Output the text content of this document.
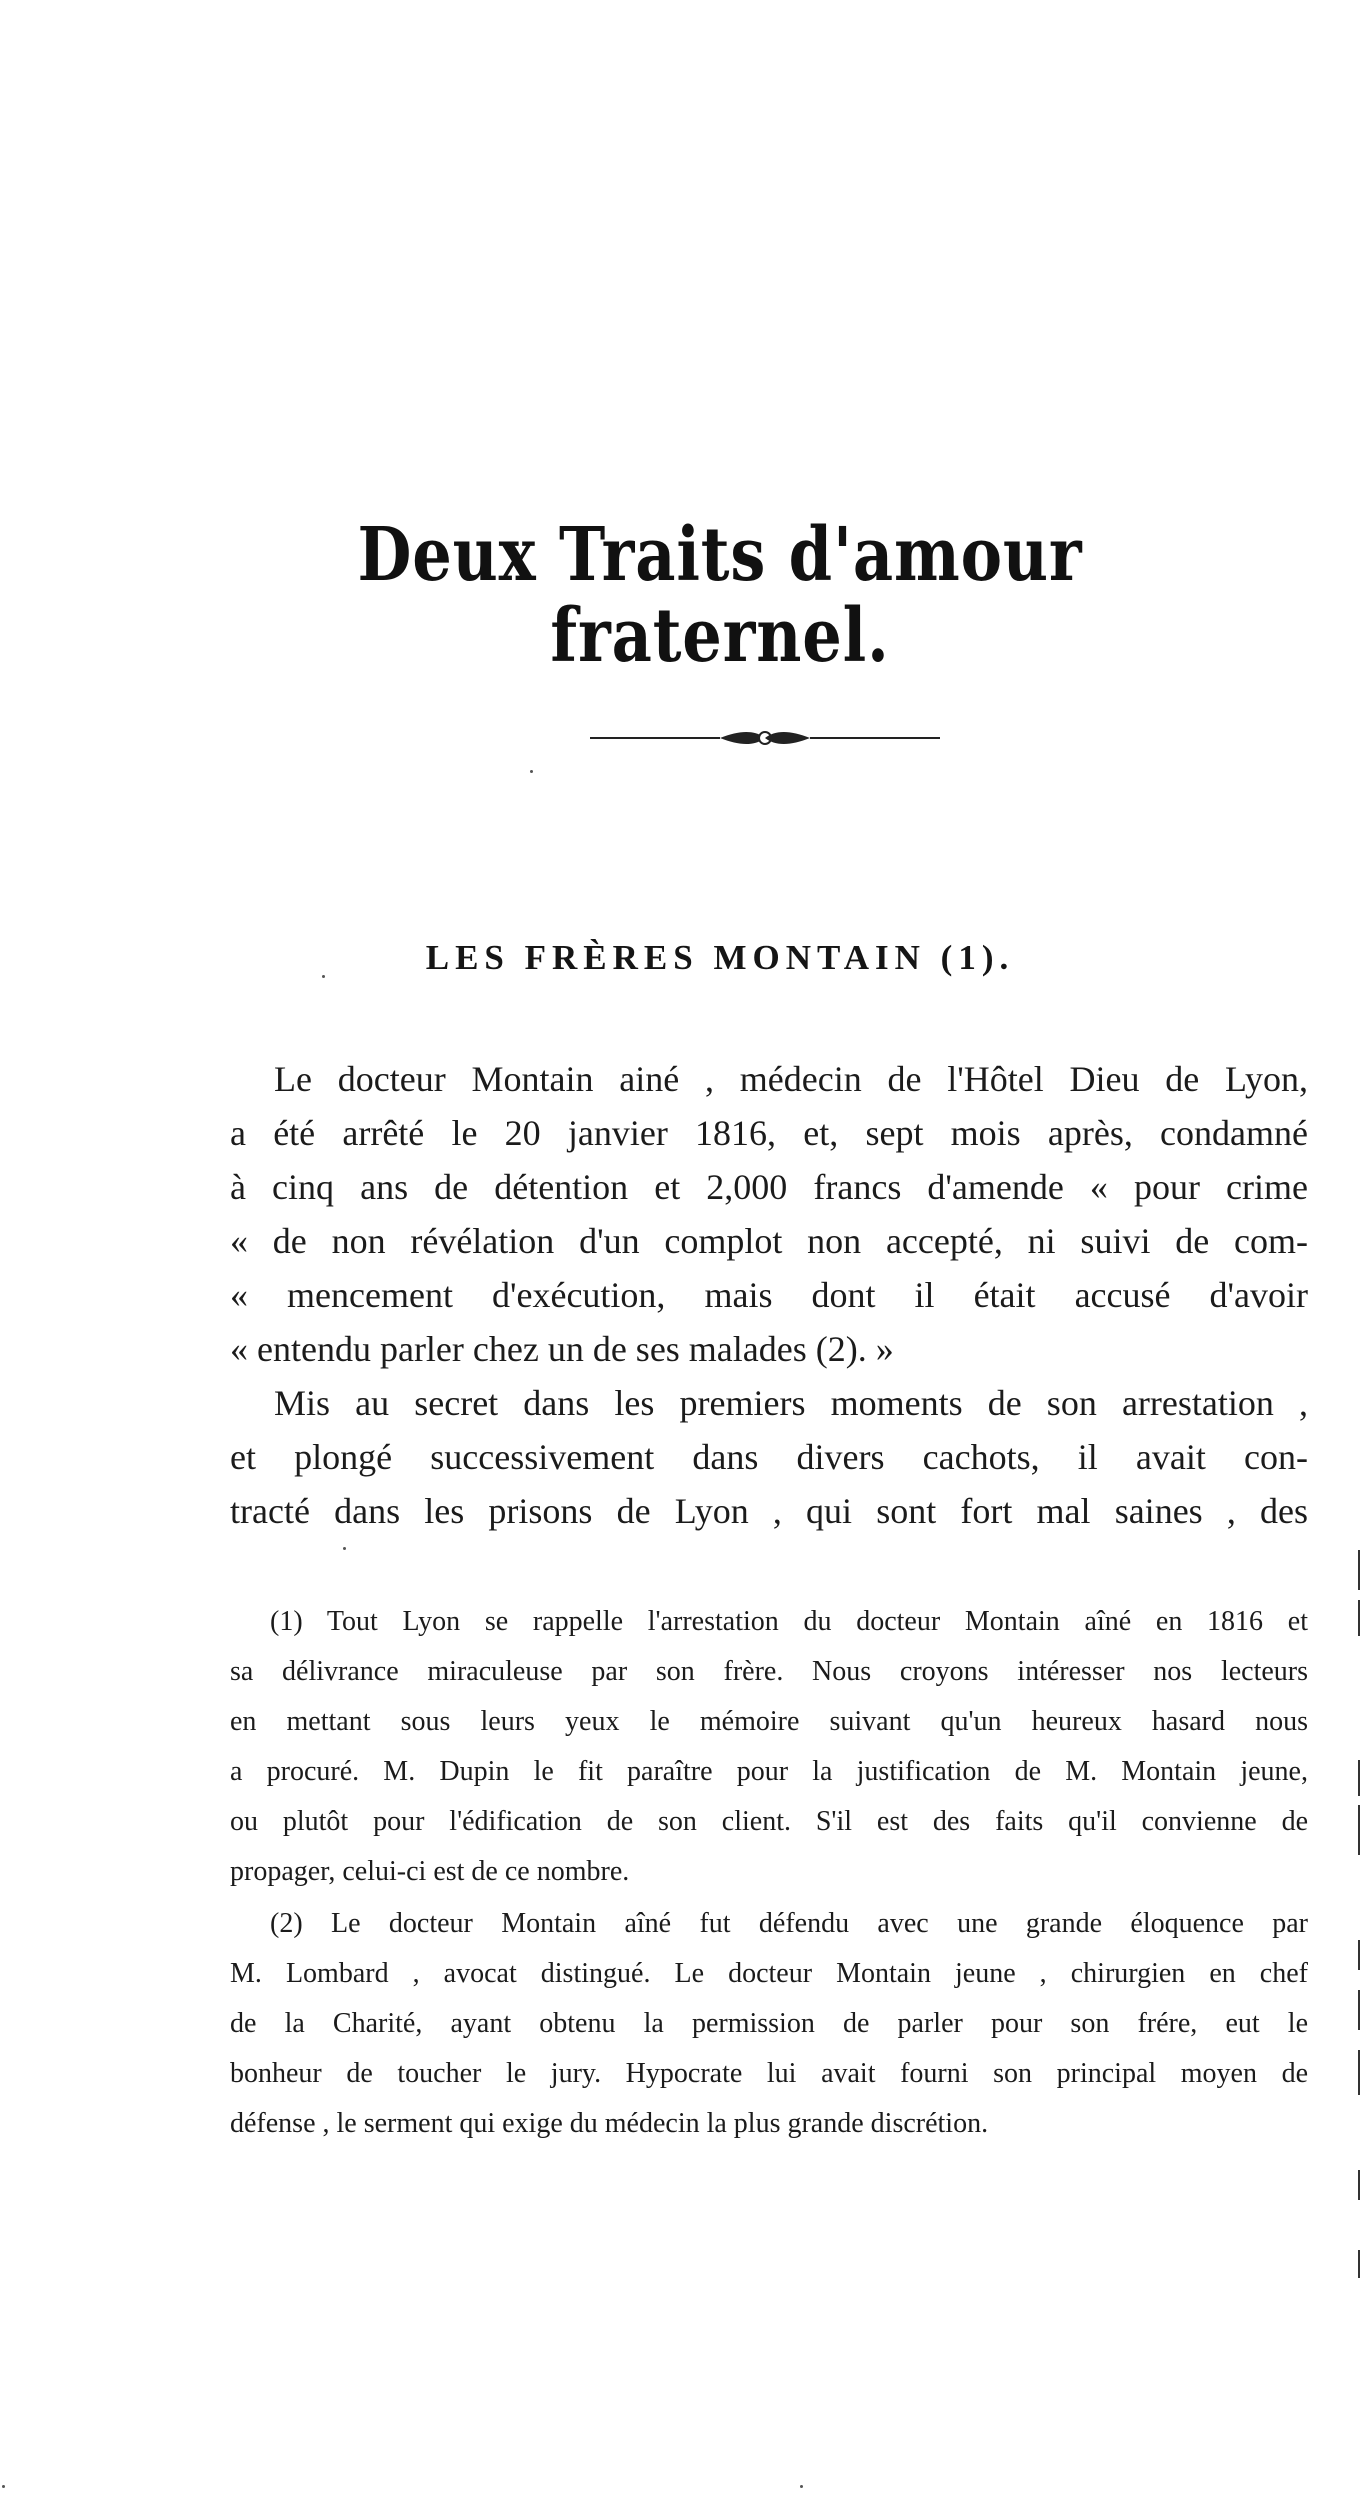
Deux Traits d'amour fraternel.
LES FRÈRES MONTAIN (1).
Le docteur Montain ainé , médecin de l'Hôtel Dieu de Lyon,
a été arrêté le 20 janvier 1816, et, sept mois après, condamné
à cinq ans de détention et 2,000 francs d'amende « pour crime
« de non révélation d'un complot non accepté, ni suivi de com-
« mencement d'exécution, mais dont il était accusé d'avoir
« entendu parler chez un de ses malades (2). »
Mis au secret dans les premiers moments de son arrestation ,
et plongé successivement dans divers cachots, il avait con-
tracté dans les prisons de Lyon , qui sont fort mal saines , des
(1) Tout Lyon se rappelle l'arrestation du docteur Montain aîné en 1816 et
sa délivrance miraculeuse par son frère. Nous croyons intéresser nos lecteurs
en mettant sous leurs yeux le mémoire suivant qu'un heureux hasard nous
a procuré. M. Dupin le fit paraître pour la justification de M. Montain jeune,
ou plutôt pour l'édification de son client. S'il est des faits qu'il convienne de
propager, celui-ci est de ce nombre.
(2) Le docteur Montain aîné fut défendu avec une grande éloquence par
M. Lombard , avocat distingué. Le docteur Montain jeune , chirurgien en chef
de la Charité, ayant obtenu la permission de parler pour son frére, eut le
bonheur de toucher le jury. Hypocrate lui avait fourni son principal moyen de
défense , le serment qui exige du médecin la plus grande discrétion.
